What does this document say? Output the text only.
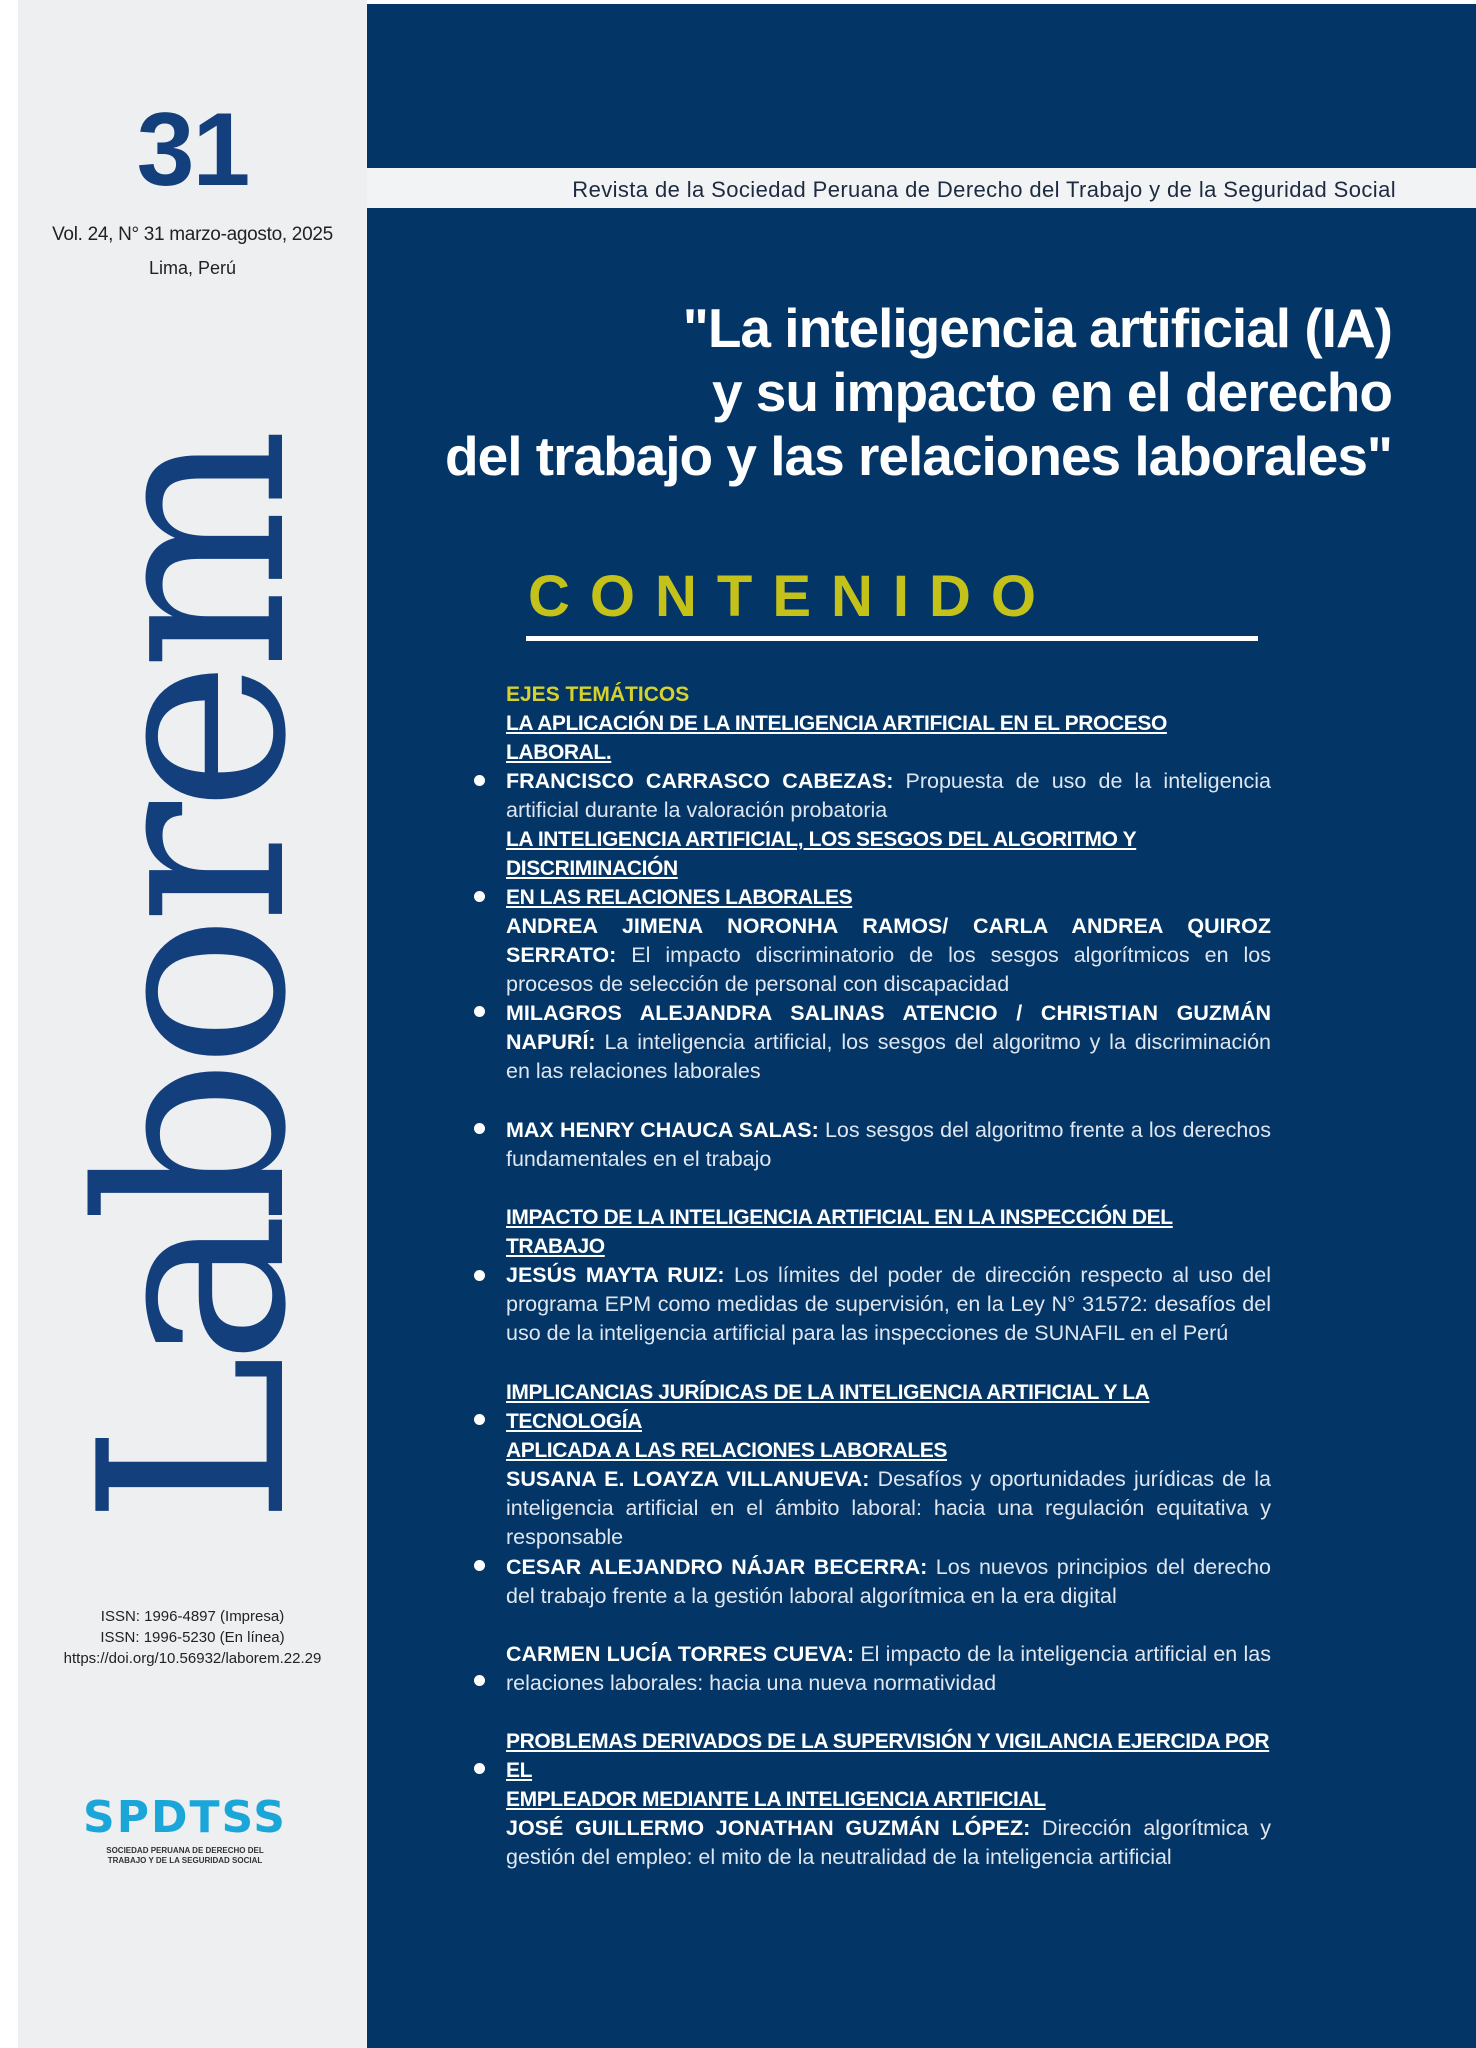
31
Vol. 24, N° 31 marzo-agosto, 2025
Lima, Perú
Laborem
ISSN: 1996-4897 (Impresa)
ISSN: 1996-5230 (En línea)
https://doi.org/10.56932/laborem.22.29
SPDTSS
SOCIEDAD PERUANA DE DERECHO DEL
TRABAJO Y DE LA SEGURIDAD SOCIAL
Revista de la Sociedad Peruana de Derecho del Trabajo y de la Seguridad Social
"La inteligencia artificial (IA)
y su impacto en el derecho
del trabajo y las relaciones laborales"
CONTENIDO
EJES TEMÁTICOS
LA APLICACIÓN DE LA INTELIGENCIA ARTIFICIAL EN EL PROCESO LABORAL.
FRANCISCO CARRASCO CABEZAS: Propuesta de uso de la inteligencia artificial durante la valoración probatoria
LA INTELIGENCIA ARTIFICIAL, LOS SESGOS DEL ALGORITMO Y DISCRIMINACIÓN
EN LAS RELACIONES LABORALES
ANDREA JIMENA NORONHA RAMOS/ CARLA ANDREA QUIROZ SERRATO: El impacto discriminatorio de los sesgos algorítmicos en los procesos de selección de personal con discapacidad
MILAGROS ALEJANDRA SALINAS ATENCIO / CHRISTIAN GUZMÁN NAPURÍ: La inteligencia artificial, los sesgos del algoritmo y la discriminación en las relaciones laborales
MAX HENRY CHAUCA SALAS: Los sesgos del algoritmo frente a los derechos fundamentales en el trabajo
IMPACTO DE LA INTELIGENCIA ARTIFICIAL EN LA INSPECCIÓN DEL TRABAJO
JESÚS MAYTA RUIZ: Los límites del poder de dirección respecto al uso del programa EPM como medidas de supervisión, en la Ley N° 31572: desafíos del uso de la inteligencia artificial para las inspecciones de SUNAFIL en el Perú
IMPLICANCIAS JURÍDICAS DE LA INTELIGENCIA ARTIFICIAL Y LA TECNOLOGÍA
APLICADA A LAS RELACIONES LABORALES
SUSANA E. LOAYZA VILLANUEVA: Desafíos y oportunidades jurídicas de la inteligencia artificial en el ámbito laboral: hacia una regulación equitativa y responsable
CESAR ALEJANDRO NÁJAR BECERRA: Los nuevos principios del derecho del trabajo frente a la gestión laboral algorítmica en la era digital
CARMEN LUCÍA TORRES CUEVA: El impacto de la inteligencia artificial en las relaciones laborales: hacia una nueva normatividad
PROBLEMAS DERIVADOS DE LA SUPERVISIÓN Y VIGILANCIA EJERCIDA POR EL
EMPLEADOR MEDIANTE LA INTELIGENCIA ARTIFICIAL
JOSÉ GUILLERMO JONATHAN GUZMÁN LÓPEZ: Dirección algorítmica y gestión del empleo: el mito de la neutralidad de la inteligencia artificial
